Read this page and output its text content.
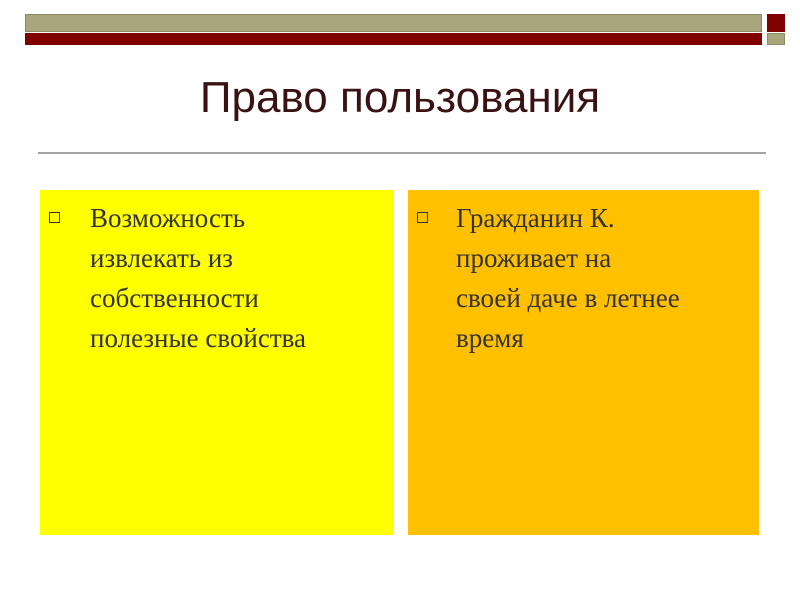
Право пользования
Возможность
извлекать из
собственности
полезные свойства
Гражданин К.
проживает на
своей даче в летнее
время
